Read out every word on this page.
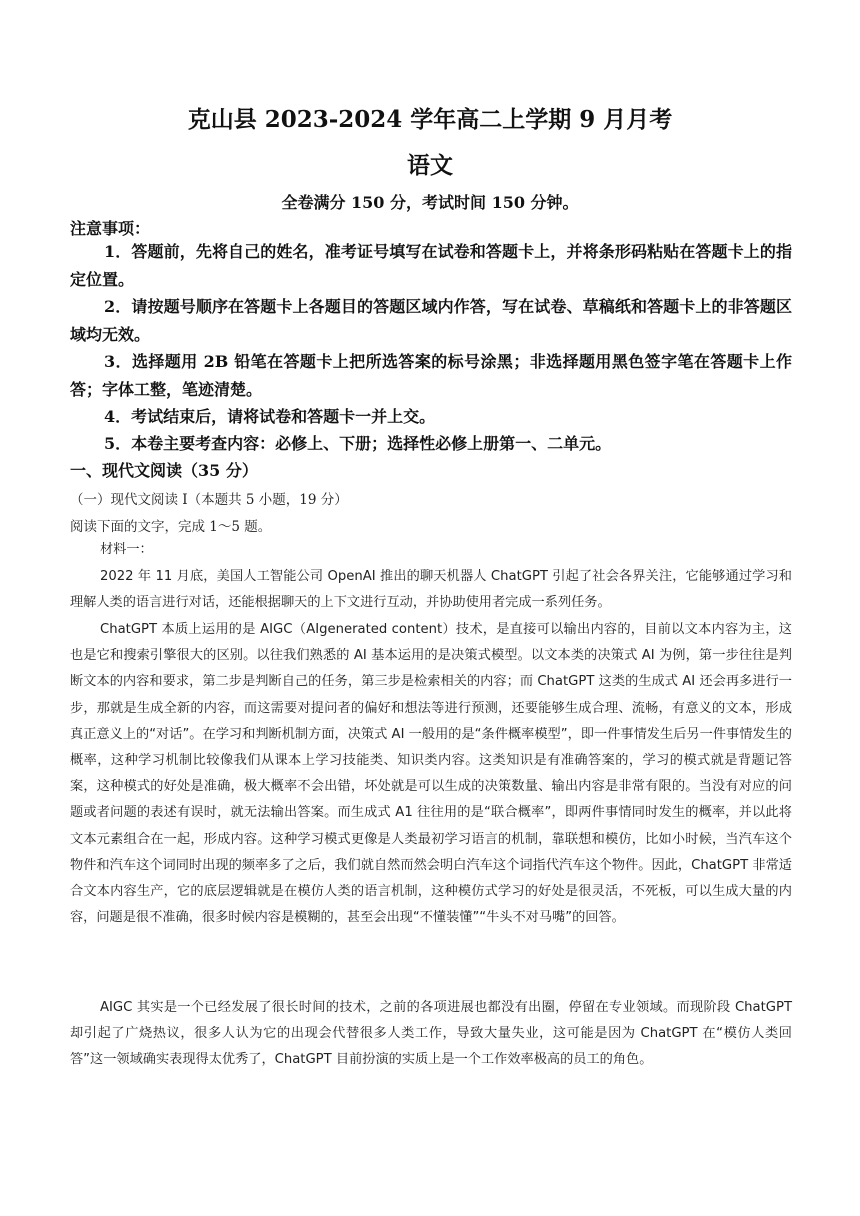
克山县 2023-2024 学年高二上学期 9 月月考
语文
全卷满分 150 分，考试时间 150 分钟。
注意事项：
1．答题前，先将自己的姓名，准考证号填写在试卷和答题卡上，并将条形码粘贴在答题卡上的指定位置。
2．请按题号顺序在答题卡上各题目的答题区域内作答，写在试卷、草稿纸和答题卡上的非答题区域均无效。
3．选择题用 2B 铅笔在答题卡上把所选答案的标号涂黑；非选择题用黑色签字笔在答题卡上作答；字体工整，笔迹清楚。
4．考试结束后，请将试卷和答题卡一并上交。
5．本卷主要考查内容：必修上、下册；选择性必修上册第一、二单元。
一、现代文阅读（35 分）
（一）现代文阅读 I（本题共 5 小题，19 分）
阅读下面的文字，完成 1～5 题。
材料一：
2022 年 11 月底，美国人工智能公司 OpenAI 推出的聊天机器人 ChatGPT 引起了社会各界关注，它能够通过学习和理解人类的语言进行对话，还能根据聊天的上下文进行互动，并协助使用者完成一系列任务。
ChatGPT 本质上运用的是 AIGC（AIgenerated content）技术，是直接可以输出内容的，目前以文本内容为主，这也是它和搜索引擎很大的区别。以往我们熟悉的 AI 基本运用的是决策式模型。以文本类的决策式 AI 为例，第一步往往是判断文本的内容和要求，第二步是判断自己的任务，第三步是检索相关的内容；而 ChatGPT 这类的生成式 AI 还会再多进行一步，那就是生成全新的内容，而这需要对提问者的偏好和想法等进行预测，还要能够生成合理、流畅，有意义的文本，形成真正意义上的“对话”。在学习和判断机制方面，决策式 AI 一般用的是“条件概率模型”，即一件事情发生后另一件事情发生的概率，这种学习机制比较像我们从课本上学习技能类、知识类内容。这类知识是有准确答案的，学习的模式就是背题记答案，这种模式的好处是准确，极大概率不会出错，坏处就是可以生成的决策数量、输出内容是非常有限的。当没有对应的问题或者问题的表述有误时，就无法输出答案。而生成式 A1 往往用的是“联合概率”，即两件事情同时发生的概率，并以此将文本元素组合在一起，形成内容。这种学习模式更像是人类最初学习语言的机制，靠联想和模仿，比如小时候，当汽车这个物件和汽车这个词同时出现的频率多了之后，我们就自然而然会明白汽车这个词指代汽车这个物件。因此，ChatGPT 非常适合文本内容生产，它的底层逻辑就是在模仿人类的语言机制，这种模仿式学习的好处是很灵活，不死板，可以生成大量的内容，问题是很不准确，很多时候内容是模糊的，甚至会出现“不懂装懂”“牛头不对马嘴”的回答。
AIGC 其实是一个已经发展了很长时间的技术，之前的各项进展也都没有出圈，停留在专业领域。而现阶段 ChatGPT 却引起了广烧热议，很多人认为它的出现会代替很多人类工作，导致大量失业，这可能是因为 ChatGPT 在“模仿人类回答”这一领域确实表现得太优秀了，ChatGPT 目前扮演的实质上是一个工作效率极高的员工的角色。
